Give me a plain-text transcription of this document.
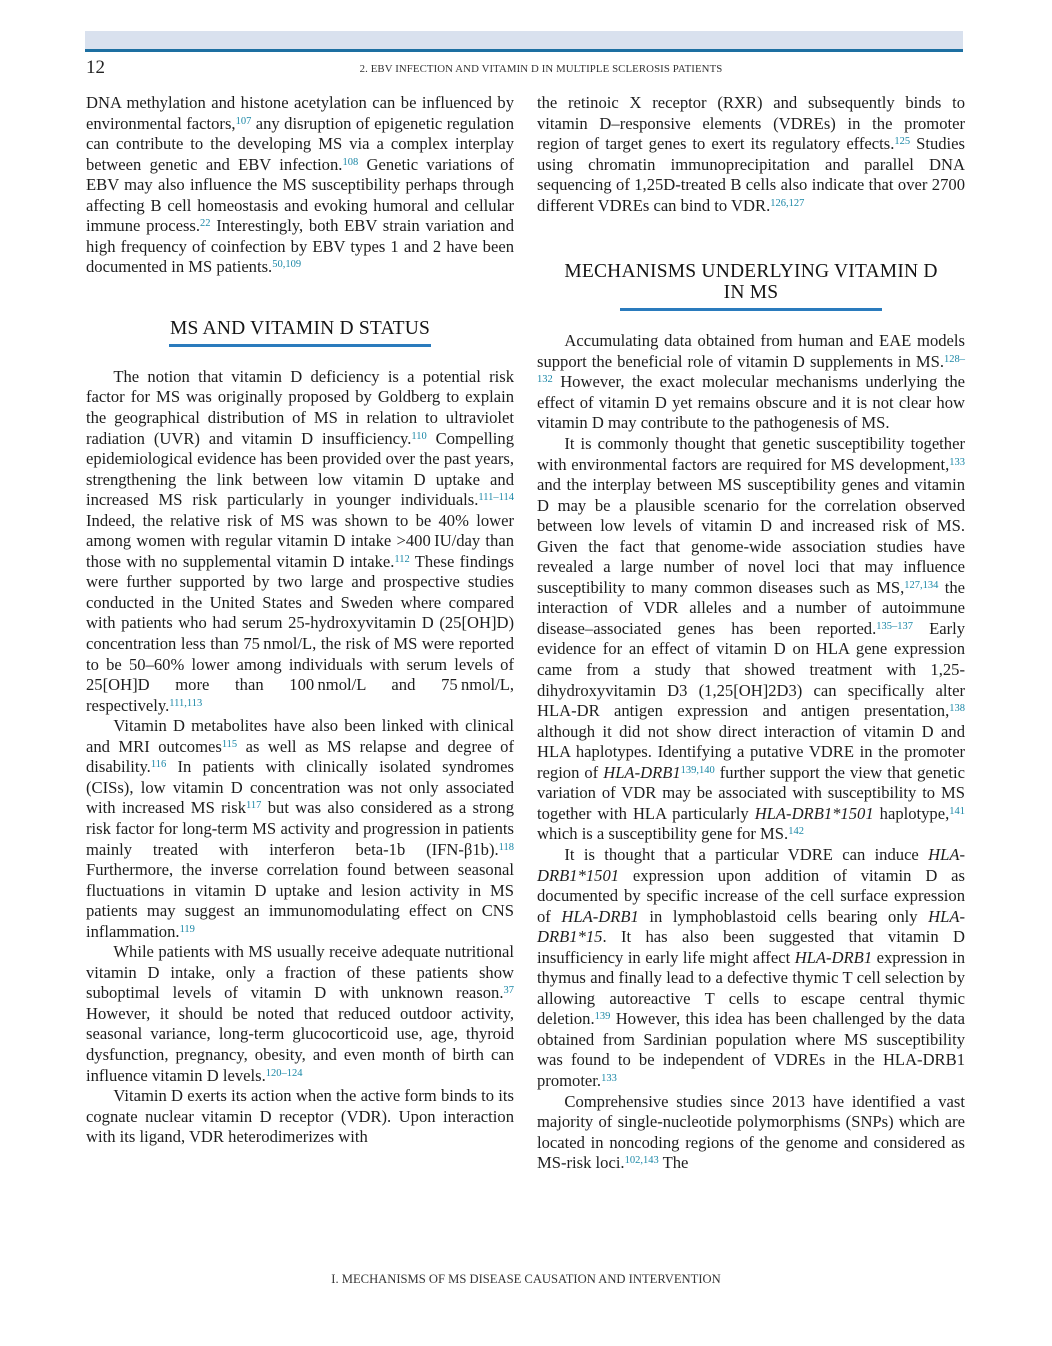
12	2. EBV INFECTION AND VITAMIN D IN MULTIPLE SCLEROSIS PATIENTS

DNA methylation and histone acetylation can be influenced by environmental factors,$^{107}$ any disruption of epigenetic regulation can contribute to the developing MS via a complex interplay between genetic and EBV infection.$^{108}$ Genetic variations of EBV may also influence the MS susceptibility perhaps through affecting B cell homeostasis and evoking humoral and cellular immune process.$^{22}$ Interestingly, both EBV strain variation and high frequency of coinfection by EBV types 1 and 2 have been documented in MS patients.$^{50,109}$

MS AND VITAMIN D STATUS

The notion that vitamin D deficiency is a potential risk factor for MS was originally proposed by Goldberg to explain the geographical distribution of MS in relation to ultraviolet radiation (UVR) and vitamin D insufficiency.$^{110}$ Compelling epidemiological evidence has been provided over the past years, strengthening the link between low vitamin D uptake and increased MS risk particularly in younger individuals.$^{111-114}$ Indeed, the relative risk of MS was shown to be 40% lower among women with regular vitamin D intake >400 IU/day than those with no supplemental vitamin D intake.$^{112}$ These findings were further supported by two large and prospective studies conducted in the United States and Sweden where compared with patients who had serum 25-hydroxyvitamin D (25[OH]D) concentration less than 75 nmol/L, the risk of MS were reported to be 50–60% lower among individuals with serum levels of 25[OH]D more than 100 nmol/L and 75 nmol/L, respectively.$^{111,113}$

Vitamin D metabolites have also been linked with clinical and MRI outcomes$^{115}$ as well as MS relapse and degree of disability.$^{116}$ In patients with clinically isolated syndromes (CISs), low vitamin D concentration was not only associated with increased MS risk$^{117}$ but was also considered as a strong risk factor for long-term MS activity and progression in patients mainly treated with interferon beta-1b (IFN-β1b).$^{118}$ Furthermore, the inverse correlation found between seasonal fluctuations in vitamin D uptake and lesion activity in MS patients may suggest an immunomodulating effect on CNS inflammation.$^{119}$

While patients with MS usually receive adequate nutritional vitamin D intake, only a fraction of these patients show suboptimal levels of vitamin D with unknown reason.$^{37}$ However, it should be noted that reduced outdoor activity, seasonal variance, long-term glucocorticoid use, age, thyroid dysfunction, pregnancy, obesity, and even month of birth can influence vitamin D levels.$^{120-124}$

Vitamin D exerts its action when the active form binds to its cognate nuclear vitamin D receptor (VDR). Upon interaction with its ligand, VDR heterodimerizes with

the retinoic X receptor (RXR) and subsequently binds to vitamin D–responsive elements (VDREs) in the promoter region of target genes to exert its regulatory effects.$^{125}$ Studies using chromatin immunoprecipitation and parallel DNA sequencing of 1,25D-treated B cells also indicate that over 2700 different VDREs can bind to VDR.$^{126,127}$

MECHANISMS UNDERLYING VITAMIN D
IN MS

Accumulating data obtained from human and EAE models support the beneficial role of vitamin D supplements in MS.$^{128-132}$ However, the exact molecular mechanisms underlying the effect of vitamin D yet remains obscure and it is not clear how vitamin D may contribute to the pathogenesis of MS.

It is commonly thought that genetic susceptibility together with environmental factors are required for MS development,$^{133}$ and the interplay between MS susceptibility genes and vitamin D may be a plausible scenario for the correlation observed between low levels of vitamin D and increased risk of MS. Given the fact that genome-wide association studies have revealed a large number of novel loci that may influence susceptibility to many common diseases such as MS,$^{127,134}$ the interaction of VDR alleles and a number of autoimmune disease–associated genes has been reported.$^{135-137}$ Early evidence for an effect of vitamin D on HLA gene expression came from a study that showed treatment with 1,25-dihydroxyvitamin D3 (1,25[OH]2D3) can specifically alter HLA-DR antigen expression and antigen presentation,$^{138}$ although it did not show direct interaction of vitamin D and HLA haplotypes. Identifying a putative VDRE in the promoter region of HLA-DRB1$^{139,140}$ further support the view that genetic variation of VDR may be associated with susceptibility to MS together with HLA particularly HLA-DRB1*1501 haplotype,$^{141}$ which is a susceptibility gene for MS.$^{142}$

It is thought that a particular VDRE can induce HLA-DRB1*1501 expression upon addition of vitamin D as documented by specific increase of the cell surface expression of HLA-DRB1 in lymphoblastoid cells bearing only HLA-DRB1*15. It has also been suggested that vitamin D insufficiency in early life might affect HLA-DRB1 expression in thymus and finally lead to a defective thymic T cell selection by allowing autoreactive T cells to escape central thymic deletion.$^{139}$ However, this idea has been challenged by the data obtained from Sardinian population where MS susceptibility was found to be independent of VDREs in the HLA-DRB1 promoter.$^{133}$

Comprehensive studies since 2013 have identified a vast majority of single-nucleotide polymorphisms (SNPs) which are located in noncoding regions of the genome and considered as MS-risk loci.$^{102,143}$ The

I. MECHANISMS OF MS DISEASE CAUSATION AND INTERVENTION
